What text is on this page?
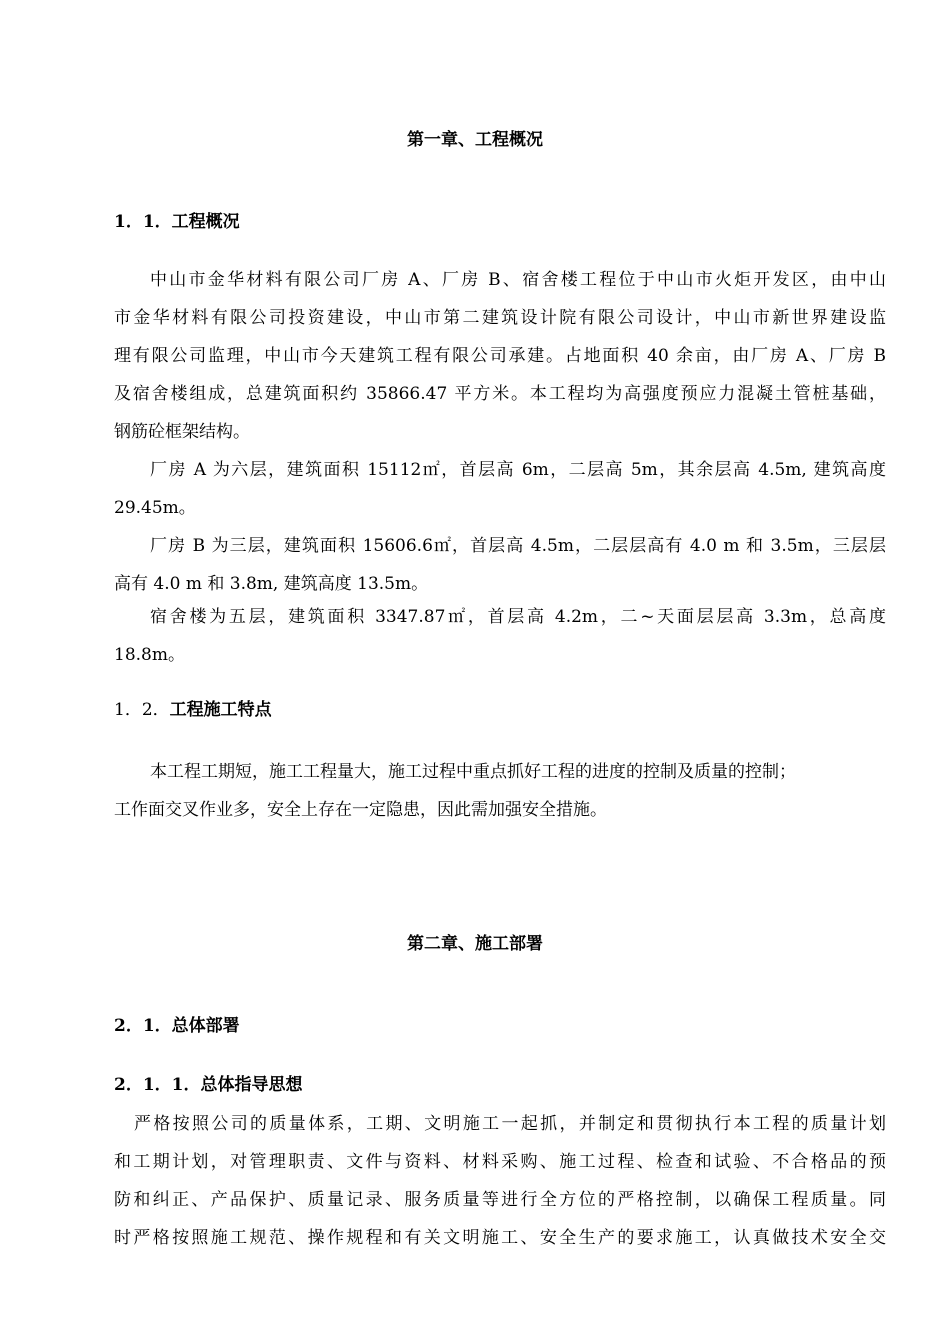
第一章、工程概况
1．1．工程概况
中山市金华材料有限公司厂房 A、厂房 B、宿舍楼工程位于中山市火炬开发区，由中山
市金华材料有限公司投资建设，中山市第二建筑设计院有限公司设计，中山市新世界建设监
理有限公司监理，中山市今天建筑工程有限公司承建。占地面积 40 余亩，由厂房 A、厂房 B
及宿舍楼组成，总建筑面积约 35866.47 平方米。本工程均为高强度预应力混凝土管桩基础，
钢筋砼框架结构。
厂房 A 为六层，建筑面积 15112㎡，首层高 6m，二层高 5m，其余层高 4.5m, 建筑高度
29.45m。
厂房 B 为三层，建筑面积 15606.6㎡，首层高 4.5m，二层层高有 4.0 m 和 3.5m，三层层
高有 4.0 m 和 3.8m, 建筑高度 13.5m。
宿舍楼为五层，建筑面积 3347.87㎡，首层高 4.2m，二~天面层层高 3.3m，总高度
18.8m。
1．2．工程施工特点
本工程工期短，施工工程量大，施工过程中重点抓好工程的进度的控制及质量的控制；
工作面交叉作业多，安全上存在一定隐患，因此需加强安全措施。
第二章、施工部署
2．1．总体部署
2．1．1．总体指导思想
严格按照公司的质量体系，工期、文明施工一起抓，并制定和贯彻执行本工程的质量计划
和工期计划，对管理职责、文件与资料、材料采购、施工过程、检查和试验、不合格品的预
防和纠正、产品保护、质量记录、服务质量等进行全方位的严格控制，以确保工程质量。同
时严格按照施工规范、操作规程和有关文明施工、安全生产的要求施工，认真做技术安全交
